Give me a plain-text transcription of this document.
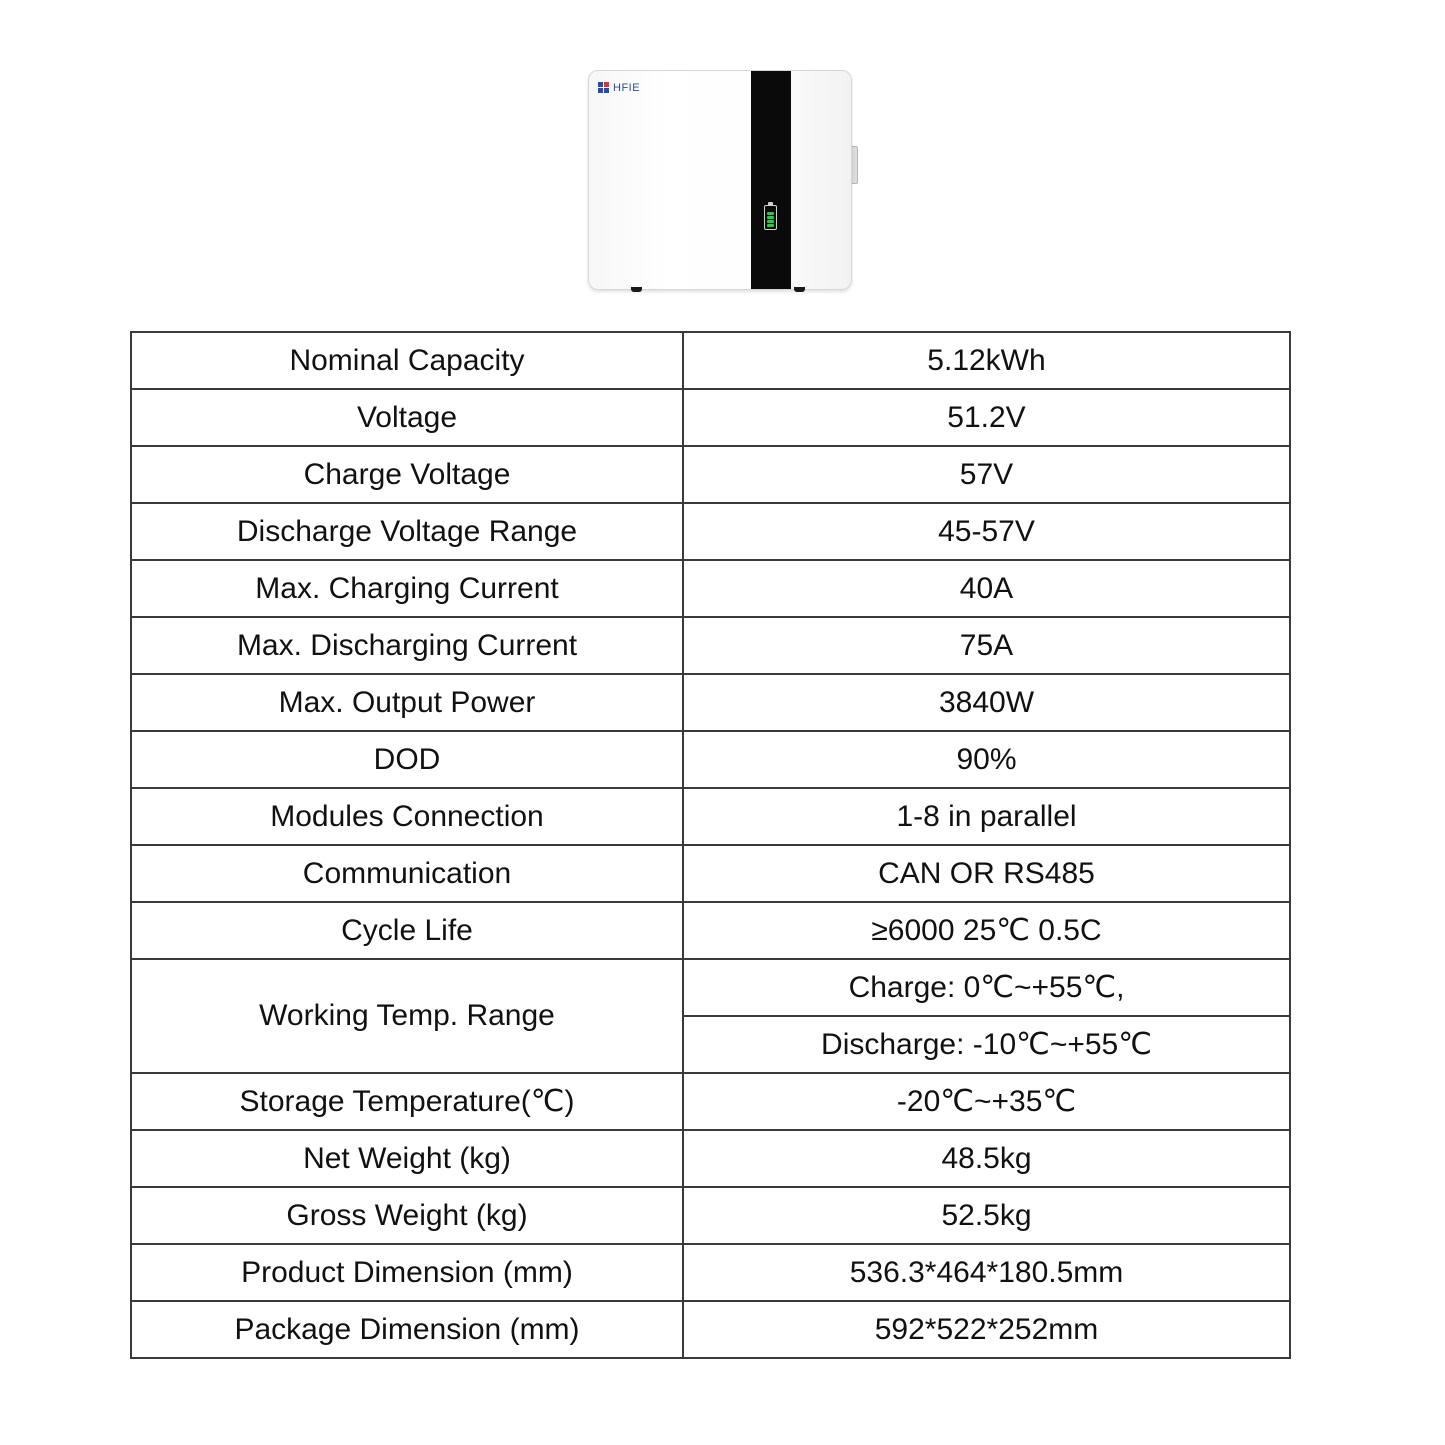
HFIE
Nominal Capacity	5.12kWh
Voltage	51.2V
Charge Voltage	57V
Discharge Voltage Range	45-57V
Max. Charging Current	40A
Max. Discharging Current	75A
Max. Output Power	3840W
DOD	90%
Modules Connection	1-8 in parallel
Communication	CAN OR RS485
Cycle Life	≥6000 25℃ 0.5C
Working Temp. Range	Charge: 0℃~+55℃,
	Discharge: -10℃~+55℃
Storage Temperature(℃)	-20℃~+35℃
Net Weight (kg)	48.5kg
Gross Weight (kg)	52.5kg
Product Dimension (mm)	536.3*464*180.5mm
Package Dimension (mm)	592*522*252mm
